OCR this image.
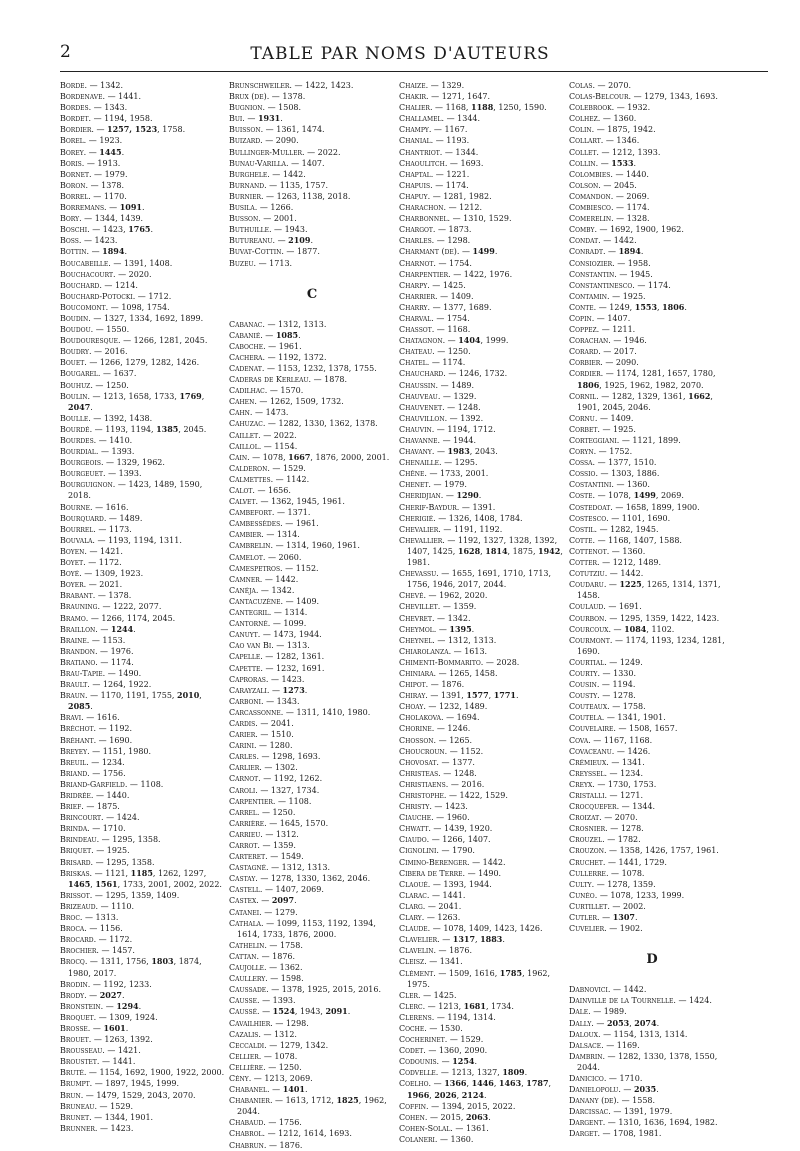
2	TABLE PAR NOMS D'AUTEURS

Borde. — 1342.

Bordenave. — 1441.

Bordes. — 1343.

Bordet. — 1194, 1958.

Bordier. — 1257, 1523, 1758.

Borel. — 1923.

Borey. — 1445.

Boris. — 1913.

Bornet. — 1979.

Boron. — 1378.

Borrel. — 1170.

Borremans. — 1091.

Bory. — 1344, 1439.

Boschi. — 1423, 1765.

Boss. — 1423.

Bottin. — 1894.

Boucabeille. — 1391, 1408.

Bouchacourt. — 2020.

Bouchard. — 1214.

Bouchard-Potocki. — 1712.

Boucomont. — 1098, 1754.

Boudin. — 1327, 1334, 1692, 1899.

Boudou. — 1550.

Boudouresque. — 1266, 1281, 2045.

Boudry. — 2016.

Bouet. — 1266, 1279, 1282, 1426.

Bougarel. — 1637.

Bouhuz. — 1250.

Boulin. — 1213, 1658, 1733, 1769, 2047.

Boulle. — 1392, 1438.

Bourdé. — 1193, 1194, 1385, 2045.

Bourdes. — 1410.

Bourdial. — 1393.

Bourgeois. — 1329, 1962.

Bourgeuet. — 1393.

Bourguignon. — 1423, 1489, 1590, 2018.

Bourne. — 1616.

Bourquard. — 1489.

Bourrel. — 1173.

Bouvala. — 1193, 1194, 1311.

Boyen. — 1421.

Boyet. — 1172.

Boyé. — 1309, 1923.

Boyer. — 2021.

Brabant. — 1378.

Brauning. — 1222, 2077.

Bramo. — 1266, 1174, 2045.

Braillon. — 1244.

Braine. — 1153.

Brandon. — 1976.

Bratiano. — 1174.

Brau-Tapie. — 1490.

Brault. — 1264, 1922.

Braun. — 1170, 1191, 1755, 2010, 2085.

Bravi. — 1616.

Bréchot. — 1192.

Bréhant. — 1690.

Breyey. — 1151, 1980.

Breuil. — 1234.

Briand. — 1756.

Briand-Garfield. — 1108.

Bridrée. — 1440.

Brief. — 1875.

Brincourt. — 1424.

Brinda. — 1710.

Brindeau. — 1295, 1358.

Briquet. — 1925.

Brisard. — 1295, 1358.

Briskas. — 1121, 1185, 1262, 1297, 1465, 1561, 1733, 2001, 2002, 2022.

Brissot. — 1295, 1359, 1409.

Brizeaud. — 1110.

Broc. — 1313.

Broca. — 1156.

Brocard. — 1172.

Brochier. — 1457.

Brocq. — 1311, 1756, 1803, 1874, 1980, 2017.

Brodin. — 1192, 1233.

Brody. — 2027.

Bronstein. — 1294.

Broquet. — 1309, 1924.

Brosse. — 1601.

Brouet. — 1263, 1392.

Brousseau. — 1421.

Broustet. — 1441.

Bruté. — 1154, 1692, 1900, 1922, 2000.

Brumpt. — 1897, 1945, 1999.

Brun. — 1479, 1529, 2043, 2070.

Bruneau. — 1529.

Brunet. — 1344, 1901.

Brunner. — 1423.

Brunschweiler. — 1422, 1423.

Brux (de). — 1378.

Bugnion. — 1508.

Bui. — 1931.

Buisson. — 1361, 1474.

Buizard. — 2090.

Bullinger-Muller. — 2022.

Bunau-Varilla. — 1407.

Burghele. — 1442.

Burnand. — 1135, 1757.

Burnier. — 1263, 1138, 2018.

Busila. — 1266.

Busson. — 2001.

Buthuille. — 1943.

Butureanu. — 2109.

Buvat-Cottin. — 1877.

Buzeu. — 1713.

C

Cabanac. — 1312, 1313.

Cabanié. — 1085.

Caboche. — 1961.

Cachera. — 1192, 1372.

Cadenat. — 1153, 1232, 1378, 1755.

Caderas de Kerleau. — 1878.

Cadilhac. — 1570.

Cahen. — 1262, 1509, 1732.

Cahn. — 1473.

Cahuzac. — 1282, 1330, 1362, 1378.

Caillet. — 2022.

Caillol. — 1154.

Cain. — 1078, 1667, 1876, 2000, 2001.

Calderon. — 1529.

Calmettes. — 1142.

Calot. — 1656.

Calvet. — 1362, 1945, 1961.

Cambefort. — 1371.

Cambessèdes. — 1961.

Cambier. — 1314.

Cambrelin. — 1314, 1960, 1961.

Camelot. — 2060.

Camespetros. — 1152.

Camner. — 1442.

Canéja. — 1342.

Cantacuzène. — 1409.

Cantegril. — 1314.

Cantorné. — 1099.

Canuyt. — 1473, 1944.

Cao van Bi. — 1313.

Capelle. — 1282, 1361.

Capette. — 1232, 1691.

Caproras. — 1423.

Carayzali. — 1273.

Carboni. — 1343.

Carcassonne. — 1311, 1410, 1980.

Cardis. — 2041.

Carier. — 1510.

Carini. — 1280.

Carles. — 1298, 1693.

Carlier. — 1302.

Carnot. — 1192, 1262.

Caroli. — 1327, 1734.

Carpentier. — 1108.

Carrel. — 1250.

Carrière. — 1645, 1570.

Carrieu. — 1312.

Carrot. — 1359.

Carteret. — 1549.

Castagné. — 1312, 1313.

Castay. — 1278, 1330, 1362, 2046.

Castell. — 1407, 2069.

Castex. — 2097.

Catanei. — 1279.

Cathala. — 1099, 1153, 1192, 1394, 1614, 1733, 1876, 2000.

Cathelin. — 1758.

Cattan. — 1876.

Caujolle. — 1362.

Caullery. — 1598.

Caussade. — 1378, 1925, 2015, 2016.

Causse. — 1393.

Caussé. — 1524, 1943, 2091.

Cavailhier. — 1298.

Cazalis. — 1312.

Ceccaldi. — 1279, 1342.

Cellier. — 1078.

Cellière. — 1250.

Cény. — 1213, 2069.

Chabanel. — 1401.

Chabanier. — 1613, 1712, 1825, 1962, 2044.

Chabaud. — 1756.

Chabrol. — 1212, 1614, 1693.

Chabrun. — 1876.

Chaize. — 1329.

Chakir. — 1271, 1647.

Chalier. — 1168, 1188, 1250, 1590.

Challamel. — 1344.

Champy. — 1167.

Chanial. — 1193.

Chantriot. — 1344.

Chaoulitch. — 1693.

Chaptal. — 1221.

Chapuis. — 1174.

Chapuy. — 1281, 1982.

Charachon. — 1212.

Charbonnel. — 1310, 1529.

Chargot. — 1873.

Charles. — 1298.

Charmant (de). — 1499.

Charnot. — 1754.

Charpentier. — 1422, 1976.

Charpy. — 1425.

Charrier. — 1409.

Charry. — 1377, 1689.

Charval. — 1754.

Chassot. — 1168.

Chatagnon. — 1404, 1999.

Chateau. — 1250.

Chatel. — 1174.

Chauchard. — 1246, 1732.

Chaussin. — 1489.

Chauveau. — 1329.

Chauvenet. — 1248.

Chauvillon. — 1392.

Chauvin. — 1194, 1712.

Chavanne. — 1944.

Chavany. — 1983, 2043.

Chenaille. — 1295.

Chêne. — 1733, 2001.

Chenet. — 1979.

Cheridjian. — 1290.

Cherif-Baydur. — 1391.

Cherigié. — 1326, 1408, 1784.

Chevalier. — 1191, 1192.

Chevallier. — 1192, 1327, 1328, 1392, 1407, 1425, 1628, 1814, 1875, 1942, 1981.

Chevassu. — 1655, 1691, 1710, 1713, 1756, 1946, 2017, 2044.

Chevé. — 1962, 2020.

Chevillet. — 1359.

Chevret. — 1342.

Cheymol. — 1395.

Cheynel. — 1312, 1313.

Chiarolanza. — 1613.

Chimenti-Bommarito. — 2028.

Chiniara. — 1265, 1458.

Chipot. — 1876.

Chiray. — 1391, 1577, 1771.

Choay. — 1232, 1489.

Cholakova. — 1694.

Chorine. — 1246.

Chosson. — 1265.

Choucroun. — 1152.

Chovosat. — 1377.

Christeas. — 1248.

Christiaens. — 2016.

Christophe. — 1422, 1529.

Christy. — 1423.

Ciauche. — 1960.

Chwatt. — 1439, 1920.

Ciaudo. — 1266, 1407.

Cignolini. — 1790.

Cimino-Berenger. — 1442.

Cibera de Terre. — 1490.

Claoué. — 1393, 1944.

Clarac. — 1441.

Clarg. — 2041.

Clary. — 1263.

Claude. — 1078, 1409, 1423, 1426.

Clavelier. — 1317, 1883.

Clavelin. — 1876.

Cleisz. — 1341.

Clément. — 1509, 1616, 1785, 1962, 1975.

Cler. — 1425.

Clerc. — 1213, 1681, 1734.

Clerens. — 1194, 1314.

Coche. — 1530.

Cocherinet. — 1529.

Codet. — 1360, 2090.

Codounis. — 1254.

Codvelle. — 1213, 1327, 1809.

Coelho. — 1366, 1446, 1463, 1787, 1966, 2026, 2124.

Coffin. — 1394, 2015, 2022.

Cohen. — 2015, 2063.

Cohen-Solal. — 1361.

Colaneri. — 1360.

Colas. — 2070.

Colas-Belcour. — 1279, 1343, 1693.

Colebrook. — 1932.

Colhez. — 1360.

Colin. — 1875, 1942.

Collart. — 1346.

Collet. — 1212, 1393.

Collin. — 1533.

Colombies. — 1440.

Colson. — 2045.

Comandon. — 2069.

Combiesco. — 1174.

Comerelin. — 1328.

Comby. — 1692, 1900, 1962.

Condat. — 1442.

Conradt. — 1894.

Consiozier. — 1958.

Constantin. — 1945.

Constantinesco. — 1174.

Contamin. — 1925.

Conte. — 1249, 1553, 1806.

Copin. — 1407.

Coppez. — 1211.

Corachan. — 1946.

Corard. — 2017.

Corbier. — 2090.

Cordier. — 1174, 1281, 1657, 1780, 1806, 1925, 1962, 1982, 2070.

Cornil. — 1282, 1329, 1361, 1662, 1901, 2045, 2046.

Cornu. — 1409.

Corbet. — 1925.

Corteggiani. — 1121, 1899.

Coryn. — 1752.

Cossa. — 1377, 1510.

Cossio. — 1303, 1886.

Costantini. — 1360.

Coste. — 1078, 1499, 2069.

Costedoat. — 1658, 1899, 1900.

Costesco. — 1101, 1690.

Costil. — 1282, 1945.

Cotte. — 1168, 1407, 1588.

Cottenot. — 1360.

Cotter. — 1212, 1489.

Cotutziu. — 1442.

Coudaru. — 1225, 1265, 1314, 1371, 1458.

Coulaud. — 1691.

Courbon. — 1295, 1359, 1422, 1423.

Courcoux. — 1084, 1102.

Courmont. — 1174, 1193, 1234, 1281, 1690.

Courtial. — 1249.

Courty. — 1330.

Cousin. — 1194.

Cousty. — 1278.

Couteaux. — 1758.

Coutela. — 1341, 1901.

Couvelaire. — 1508, 1657.

Cova. — 1167, 1168.

Covaceanu. — 1426.

Crémieux. — 1341.

Creyssel. — 1234.

Creyx. — 1730, 1753.

Cristalli. — 1271.

Crocquefer. — 1344.

Croizat. — 2070.

Crosnier. — 1278.

Crouzel. — 1782.

Crouzon. — 1358, 1426, 1757, 1961.

Cruchet. — 1441, 1729.

Cullerre. — 1078.

Culty. — 1278, 1359.

Cunéo. — 1078, 1233, 1999.

Curtillet. — 2002.

Cutler. — 1307.

Cuvelier. — 1902.

D

Dabnovici. — 1442.

Dainville de la Tournelle. — 1424.

Dale. — 1989.

Dally. — 2053, 2074.

Daloux. — 1154, 1313, 1314.

Dalsace. — 1169.

Dambrin. — 1282, 1330, 1378, 1550, 2044.

Danicico. — 1710.

Danielopolu. — 2035.

Danany (de). — 1558.

Darcissac. — 1391, 1979.

Dargent. — 1310, 1636, 1694, 1982.

Darget. — 1708, 1981.
